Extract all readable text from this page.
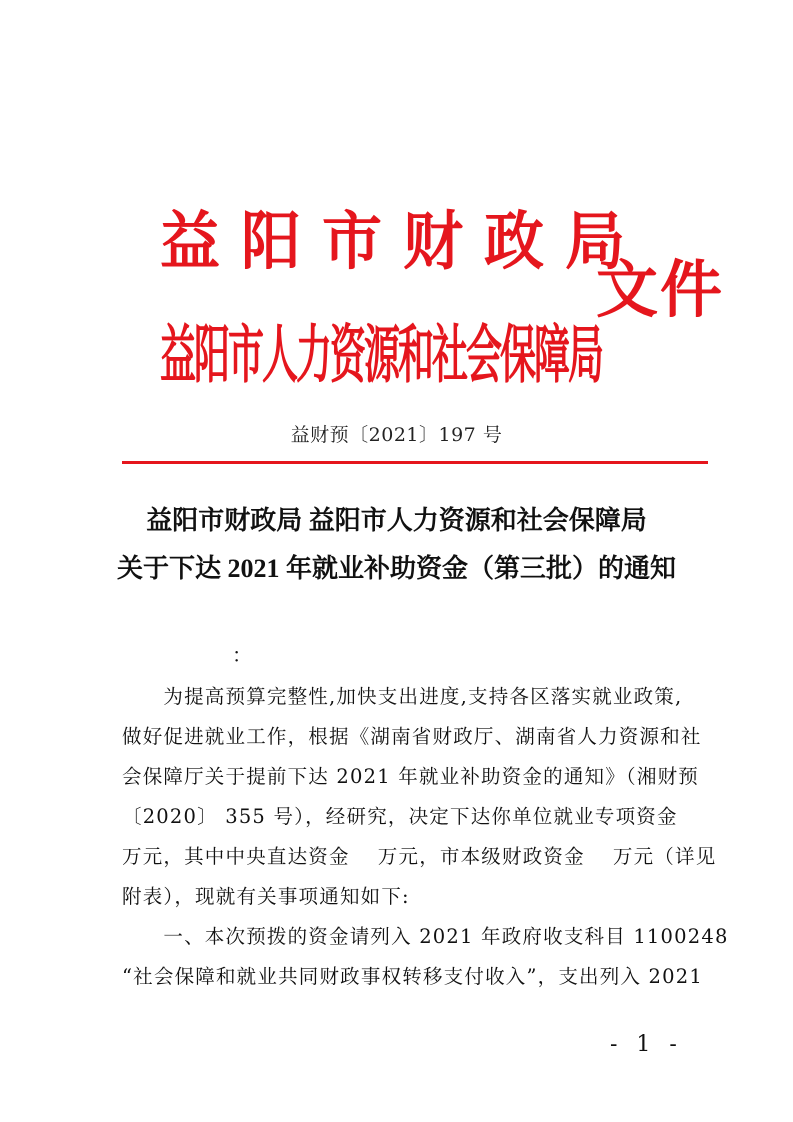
益阳市财政局
益阳市人力资源和社会保障局
文件
益财预〔2021〕197 号
益阳市财政局 益阳市人力资源和社会保障局
关于下达 2021 年就业补助资金（第三批）的通知
：
　　为提高预算完整性,加快支出进度,支持各区落实就业政策,
做好促进就业工作，根据《湖南省财政厅、湖南省人力资源和社
会保障厅关于提前下达 2021 年就业补助资金的通知》（湘财预
〔2020〕 355 号），经研究，决定下达你单位就业专项资金
万元，其中中央直达资金　 万元，市本级财政资金　 万元（详见
附表），现就有关事项通知如下:
　　一、本次预拨的资金请列入 2021 年政府收支科目 1100248
“社会保障和就业共同财政事权转移支付收入”，支出列入 2021
- 1 -
